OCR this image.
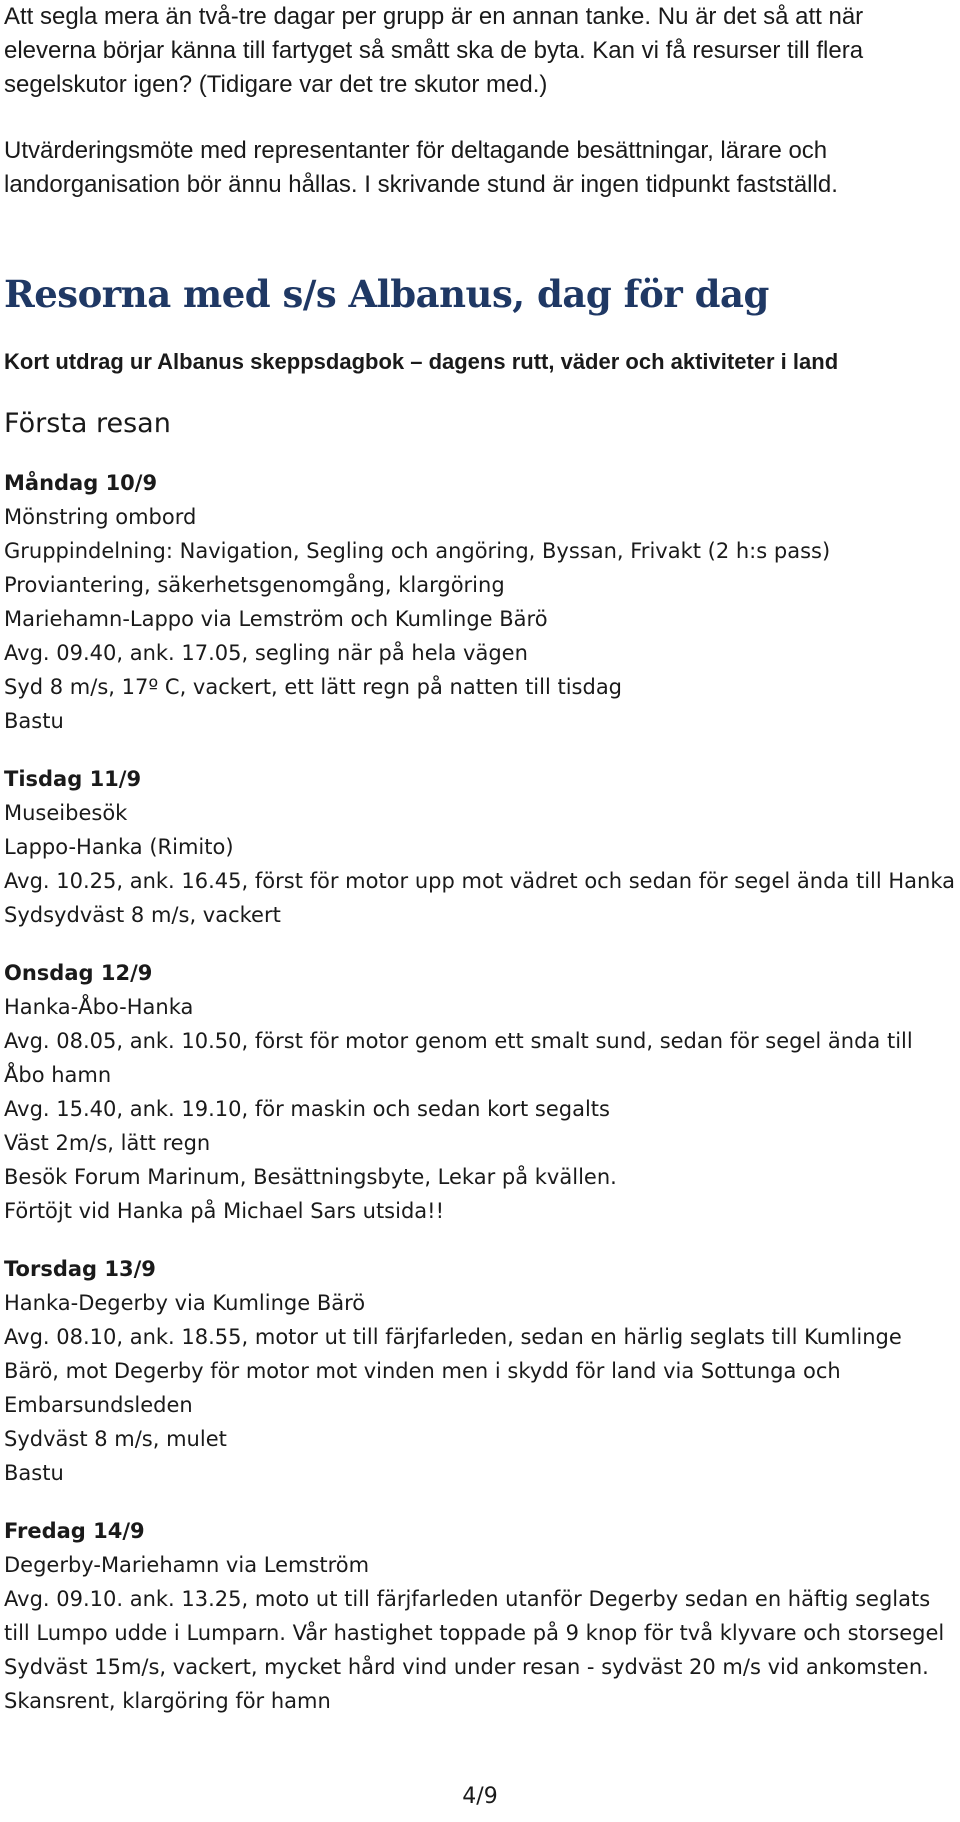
Att segla mera än två-tre dagar per grupp är en annan tanke. Nu är det så att när eleverna börjar känna till fartyget så smått ska de byta. Kan vi få resurser till flera segelskutor igen? (Tidigare var det tre skutor med.)

Utvärderingsmöte med representanter för deltagande besättningar, lärare och landorganisation bör ännu hållas. I skrivande stund är ingen tidpunkt fastställd.

Resorna med s/s Albanus, dag för dag
Kort utdrag ur Albanus skeppsdagbok – dagens rutt, väder och aktiviteter i land
Första resan
Måndag 10/9
Mönstring ombord
Gruppindelning: Navigation, Segling och angöring, Byssan, Frivakt (2 h:s pass)
Proviantering, säkerhetsgenomgång, klargöring
Mariehamn-Lappo via Lemström och Kumlinge Bärö
Avg. 09.40, ank. 17.05, segling när på hela vägen
Syd 8 m/s, 17º C, vackert, ett lätt regn på natten till tisdag
Bastu
Tisdag 11/9
Museibesök
Lappo-Hanka (Rimito)
Avg. 10.25, ank. 16.45, först för motor upp mot vädret och sedan för segel ända till Hanka
Sydsydväst 8 m/s, vackert
Onsdag 12/9
Hanka-Åbo-Hanka
Avg. 08.05, ank. 10.50, först för motor genom ett smalt sund, sedan för segel ända till Åbo hamn
Avg. 15.40, ank. 19.10, för maskin och sedan kort segalts
Väst 2m/s, lätt regn
Besök Forum Marinum, Besättningsbyte, Lekar på kvällen.
Förtöjt vid Hanka på Michael Sars utsida!!
Torsdag 13/9
Hanka-Degerby via Kumlinge Bärö
Avg. 08.10, ank. 18.55, motor ut till färjfarleden, sedan en härlig seglats till Kumlinge Bärö, mot Degerby för motor mot vinden men i skydd för land via Sottunga och Embarsundsleden
Sydväst 8 m/s, mulet
Bastu
Fredag 14/9
Degerby-Mariehamn via Lemström
Avg. 09.10. ank. 13.25, moto ut till färjfarleden utanför Degerby sedan en häftig seglats till Lumpo udde i Lumparn. Vår hastighet toppade på 9 knop för två klyvare och storsegel
Sydväst 15m/s, vackert, mycket hård vind under resan - sydväst 20 m/s vid ankomsten.
Skansrent, klargöring för hamn
4/9
